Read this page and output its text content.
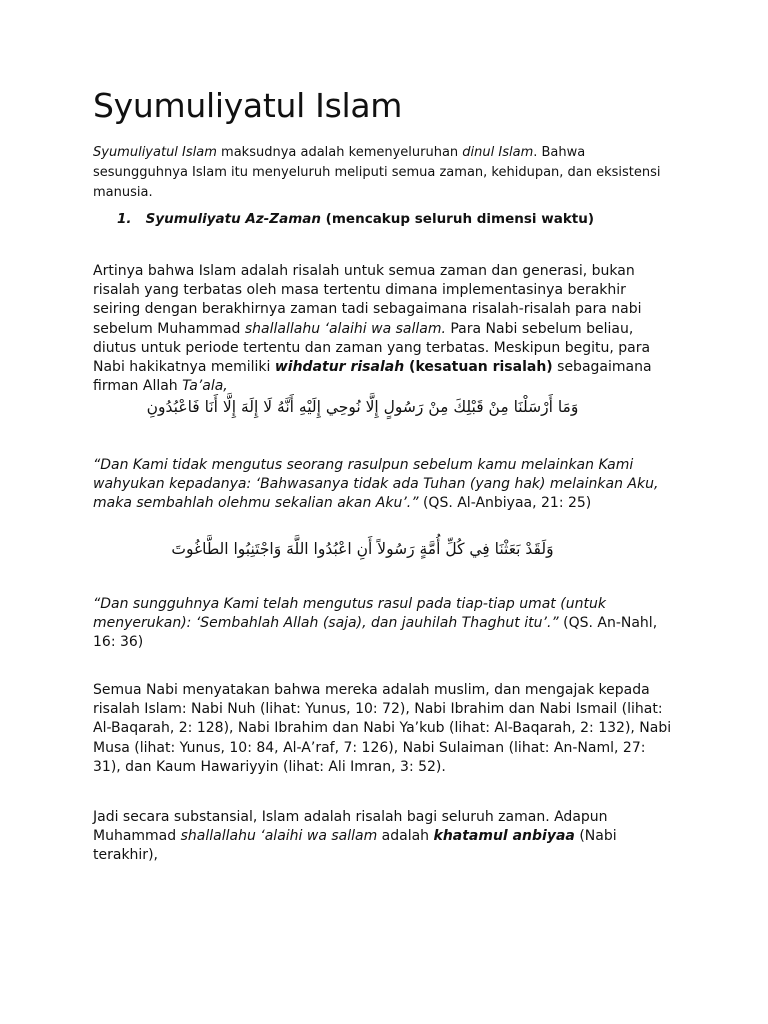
Syumuliyatul Islam

Syumuliyatul Islam maksudnya adalah kemenyeluruhan dinul Islam. Bahwa sesungguhnya Islam itu menyeluruh meliputi semua zaman, kehidupan, dan eksistensi manusia.

1. Syumuliyatu Az-Zaman (mencakup seluruh dimensi waktu)

Artinya bahwa Islam adalah risalah untuk semua zaman dan generasi, bukan risalah yang terbatas oleh masa tertentu dimana implementasinya berakhir seiring dengan berakhirnya zaman tadi sebagaimana risalah-risalah para nabi sebelum Muhammad shallallahu ‘alaihi wa sallam. Para Nabi sebelum beliau, diutus untuk periode tertentu dan zaman yang terbatas. Meskipun begitu, para Nabi hakikatnya memiliki wihdatur risalah (kesatuan risalah) sebagaimana firman Allah Ta’ala,

وَمَا أَرْسَلْنَا مِنْ قَبْلِكَ مِنْ رَسُولٍ إِلَّا نُوحِي إِلَيْهِ أَنَّهُ لَا إِلَهَ إِلَّا أَنَا فَاعْبُدُونِ

“Dan Kami tidak mengutus seorang rasulpun sebelum kamu melainkan Kami wahyukan kepadanya: ‘Bahwasanya tidak ada Tuhan (yang hak) melainkan Aku, maka sembahlah olehmu sekalian akan Aku’.” (QS. Al-Anbiyaa, 21: 25)

وَلَقَدْ بَعَثْنَا فِي كُلِّ أُمَّةٍ رَسُولاً أَنِ اعْبُدُوا اللَّهَ وَاجْتَنِبُوا الطَّاغُوتَ

“Dan sungguhnya Kami telah mengutus rasul pada tiap-tiap umat (untuk menyerukan): ‘Sembahlah Allah (saja), dan jauhilah Thaghut itu’.” (QS. An-Nahl, 16: 36)

Semua Nabi menyatakan bahwa mereka adalah muslim, dan mengajak kepada risalah Islam: Nabi Nuh (lihat: Yunus, 10: 72), Nabi Ibrahim dan Nabi Ismail (lihat: Al-Baqarah, 2: 128), Nabi Ibrahim dan Nabi Ya’kub (lihat: Al-Baqarah, 2: 132), Nabi Musa (lihat: Yunus, 10: 84, Al-A’raf, 7: 126), Nabi Sulaiman (lihat: An-Naml, 27: 31), dan Kaum Hawariyyin (lihat: Ali Imran, 3: 52).

Jadi secara substansial, Islam adalah risalah bagi seluruh zaman. Adapun Muhammad shallallahu ‘alaihi wa sallam adalah khatamul anbiyaa (Nabi terakhir),
